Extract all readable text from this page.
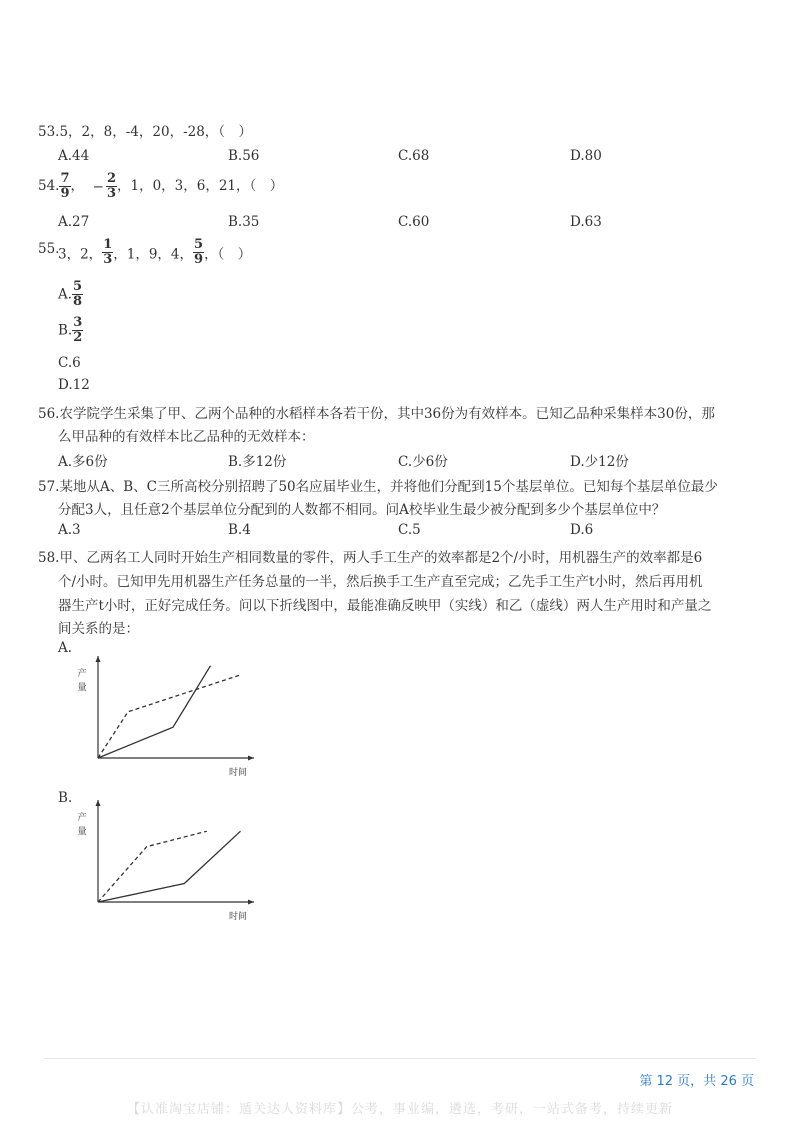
53.5，2，8，-4，20，-28，（　）
A.44	B.56	C.68	D.80
54. $\frac{7}{9}$ ， − $\frac{2}{3}$ ，1，0，3，6，21，（　）
A.27	B.35	C.60	D.63
55.
3，2， $\frac{1}{3}$ ，1，9，4， $\frac{5}{9}$ ，（　）
A. $\frac{5}{8}$
B. $\frac{3}{2}$
C.6
D.12
56.农学院学生采集了甲、乙两个品种的水稻样本各若干份，其中36份为有效样本。已知乙品种采集样本30份，那
么甲品种的有效样本比乙品种的无效样本：
A.多6份	B.多12份	C.少6份	D.少12份
57.某地从A、B、C三所高校分别招聘了50名应届毕业生，并将他们分配到15个基层单位。已知每个基层单位最少
分配3人，且任意2个基层单位分配到的人数都不相同。问A校毕业生最少被分配到多少个基层单位中？
A.3	B.4	C.5	D.6
58.甲、乙两名工人同时开始生产相同数量的零件，两人手工生产的效率都是2个/小时，用机器生产的效率都是6
个/小时。已知甲先用机器生产任务总量的一半，然后换手工生产直至完成；乙先手工生产t小时，然后再用机
器生产t小时，正好完成任务。问以下折线图中，最能准确反映甲（实线）和乙（虚线）两人生产用时和产量之
间关系的是：
A.
产
量
时间
B.
产
量
时间
第 12 页，共 26 页
【认准淘宝店铺：遁关达人资料库】公考，事业编，遴选，考研，一站式备考，持续更新
